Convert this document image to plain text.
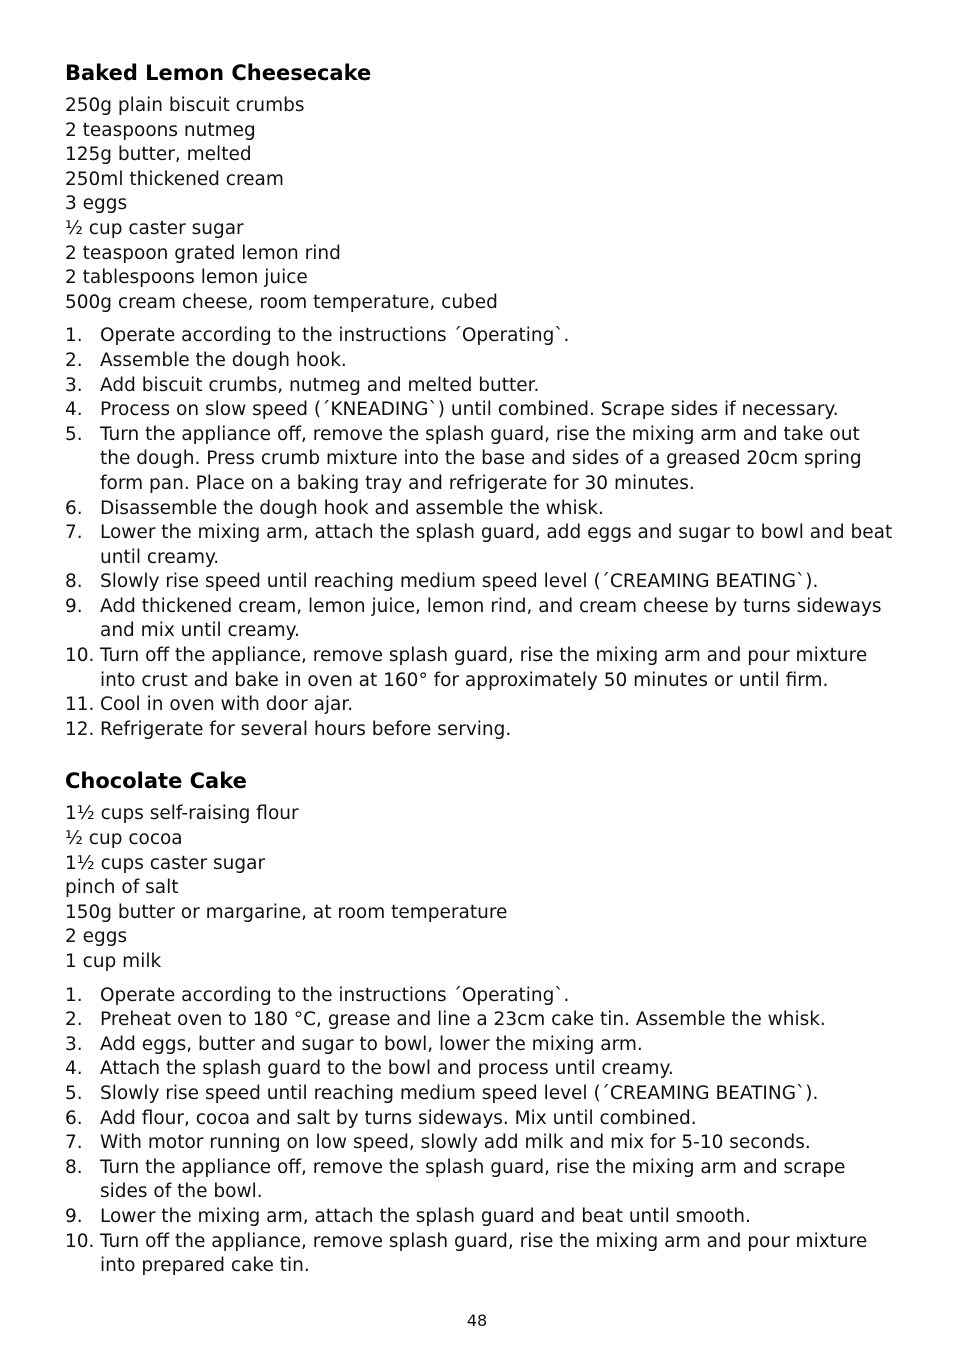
Baked Lemon Cheesecake
250g plain biscuit crumbs
2 teaspoons nutmeg
125g butter, melted
250ml thickened cream
3 eggs
½ cup caster sugar
2 teaspoon grated lemon rind
2 tablespoons lemon juice
500g cream cheese, room temperature, cubed
1. Operate according to the instructions ´Operating`.
2. Assemble the dough hook.
3. Add biscuit crumbs, nutmeg and melted butter.
4. Process on slow speed (´KNEADING`) until combined. Scrape sides if necessary.
5. Turn the appliance off, remove the splash guard, rise the mixing arm and take out the dough. Press crumb mixture into the base and sides of a greased 20cm spring form pan. Place on a baking tray and refrigerate for 30 minutes.
6. Disassemble the dough hook and assemble the whisk.
7. Lower the mixing arm, attach the splash guard, add eggs and sugar to bowl and beat until creamy.
8. Slowly rise speed until reaching medium speed level (´CREAMING BEATING`).
9. Add thickened cream, lemon juice, lemon rind, and cream cheese by turns sideways and mix until creamy.
10. Turn off the appliance, remove splash guard, rise the mixing arm and pour mixture into crust and bake in oven at 160° for approximately 50 minutes or until firm.
11. Cool in oven with door ajar.
12. Refrigerate for several hours before serving.
Chocolate Cake
1½ cups self-raising flour
½ cup cocoa
1½ cups caster sugar
pinch of salt
150g butter or margarine, at room temperature
2 eggs
1 cup milk
1. Operate according to the instructions ´Operating`.
2. Preheat oven to 180 °C, grease and line a 23cm cake tin. Assemble the whisk.
3. Add eggs, butter and sugar to bowl, lower the mixing arm.
4. Attach the splash guard to the bowl and process until creamy.
5. Slowly rise speed until reaching medium speed level (´CREAMING BEATING`).
6. Add flour, cocoa and salt by turns sideways. Mix until combined.
7. With motor running on low speed, slowly add milk and mix for 5-10 seconds.
8. Turn the appliance off, remove the splash guard, rise the mixing arm and scrape sides of the bowl.
9. Lower the mixing arm, attach the splash guard and beat until smooth.
10. Turn off the appliance, remove splash guard, rise the mixing arm and pour mixture into prepared cake tin.
48
